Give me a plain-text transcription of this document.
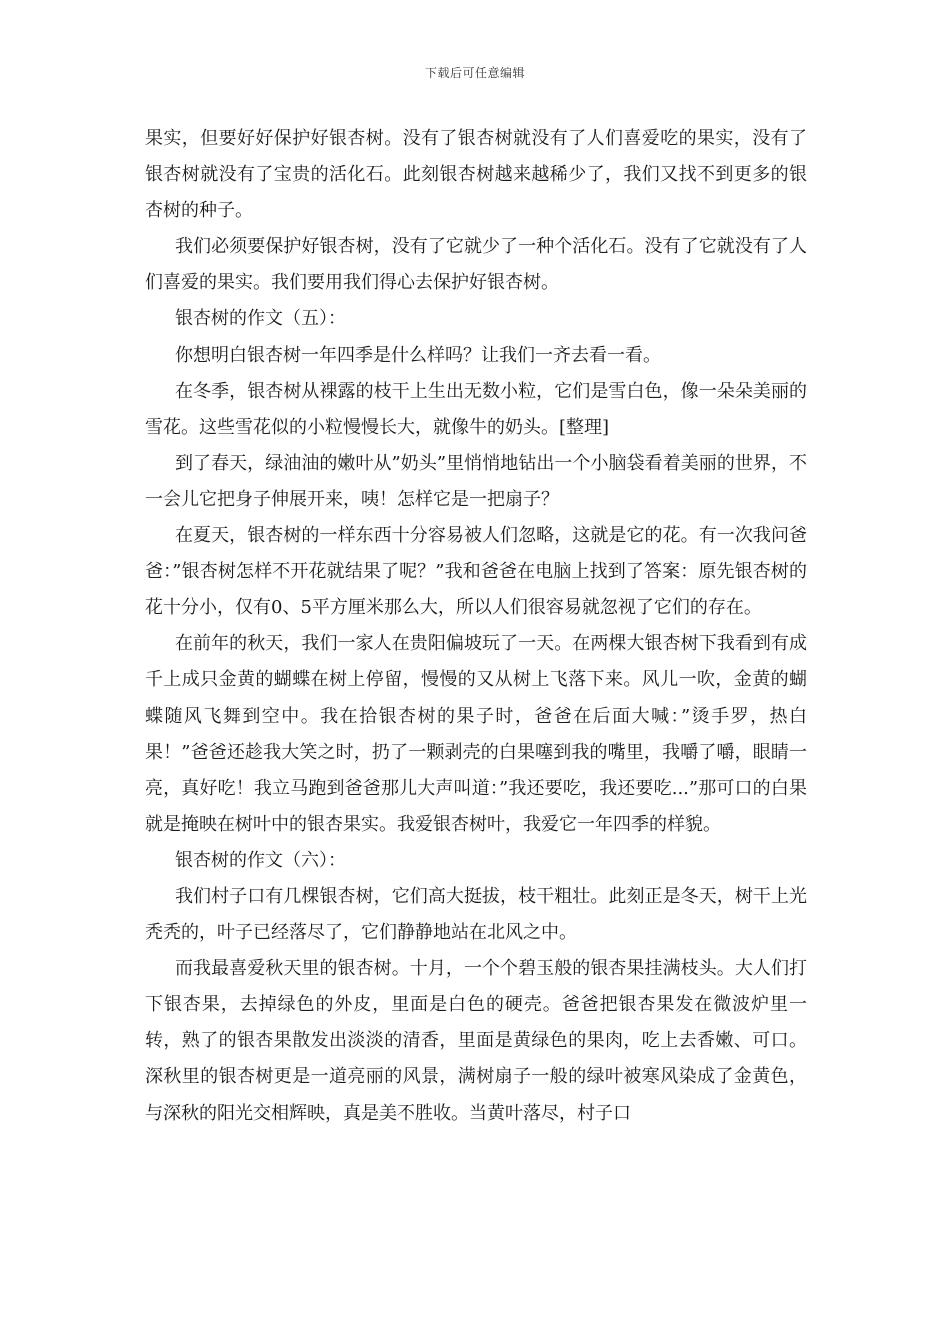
下载后可任意编辑

果实，但要好好保护好银杏树。没有了银杏树就没有了人们喜爱吃的果实，没有了银杏树就没有了宝贵的活化石。此刻银杏树越来越稀少了，我们又找不到更多的银杏树的种子。

我们必须要保护好银杏树，没有了它就少了一种个活化石。没有了它就没有了人们喜爱的果实。我们要用我们得心去保护好银杏树。

银杏树的作文（五）：

你想明白银杏树一年四季是什么样吗？让我们一齐去看一看。

在冬季，银杏树从裸露的枝干上生出无数小粒，它们是雪白色，像一朵朵美丽的雪花。这些雪花似的小粒慢慢长大，就像牛的奶头。[整理]

到了春天，绿油油的嫩叶从”奶头”里悄悄地钻出一个小脑袋看着美丽的世界，不一会儿它把身子伸展开来，咦！怎样它是一把扇子？

在夏天，银杏树的一样东西十分容易被人们忽略，这就是它的花。有一次我问爸爸：”银杏树怎样不开花就结果了呢？”我和爸爸在电脑上找到了答案：原先银杏树的花十分小，仅有0、5平方厘米那么大，所以人们很容易就忽视了它们的存在。

在前年的秋天，我们一家人在贵阳偏坡玩了一天。在两棵大银杏树下我看到有成千上成只金黄的蝴蝶在树上停留，慢慢的又从树上飞落下来。风儿一吹，金黄的蝴蝶随风飞舞到空中。我在拾银杏树的果子时，爸爸在后面大喊：”烫手罗，热白果！”爸爸还趁我大笑之时，扔了一颗剥壳的白果噻到我的嘴里，我嚼了嚼，眼睛一亮，真好吃！我立马跑到爸爸那儿大声叫道：”我还要吃，我还要吃...”那可口的白果就是掩映在树叶中的银杏果实。我爱银杏树叶，我爱它一年四季的样貌。

银杏树的作文（六）：

我们村子口有几棵银杏树，它们高大挺拔，枝干粗壮。此刻正是冬天，树干上光秃秃的，叶子已经落尽了，它们静静地站在北风之中。

而我最喜爱秋天里的银杏树。十月，一个个碧玉般的银杏果挂满枝头。大人们打下银杏果，去掉绿色的外皮，里面是白色的硬壳。爸爸把银杏果发在微波炉里一转，熟了的银杏果散发出淡淡的清香，里面是黄绿色的果肉，吃上去香嫩、可口。深秋里的银杏树更是一道亮丽的风景，满树扇子一般的绿叶被寒风染成了金黄色，与深秋的阳光交相辉映，真是美不胜收。当黄叶落尽，村子口
